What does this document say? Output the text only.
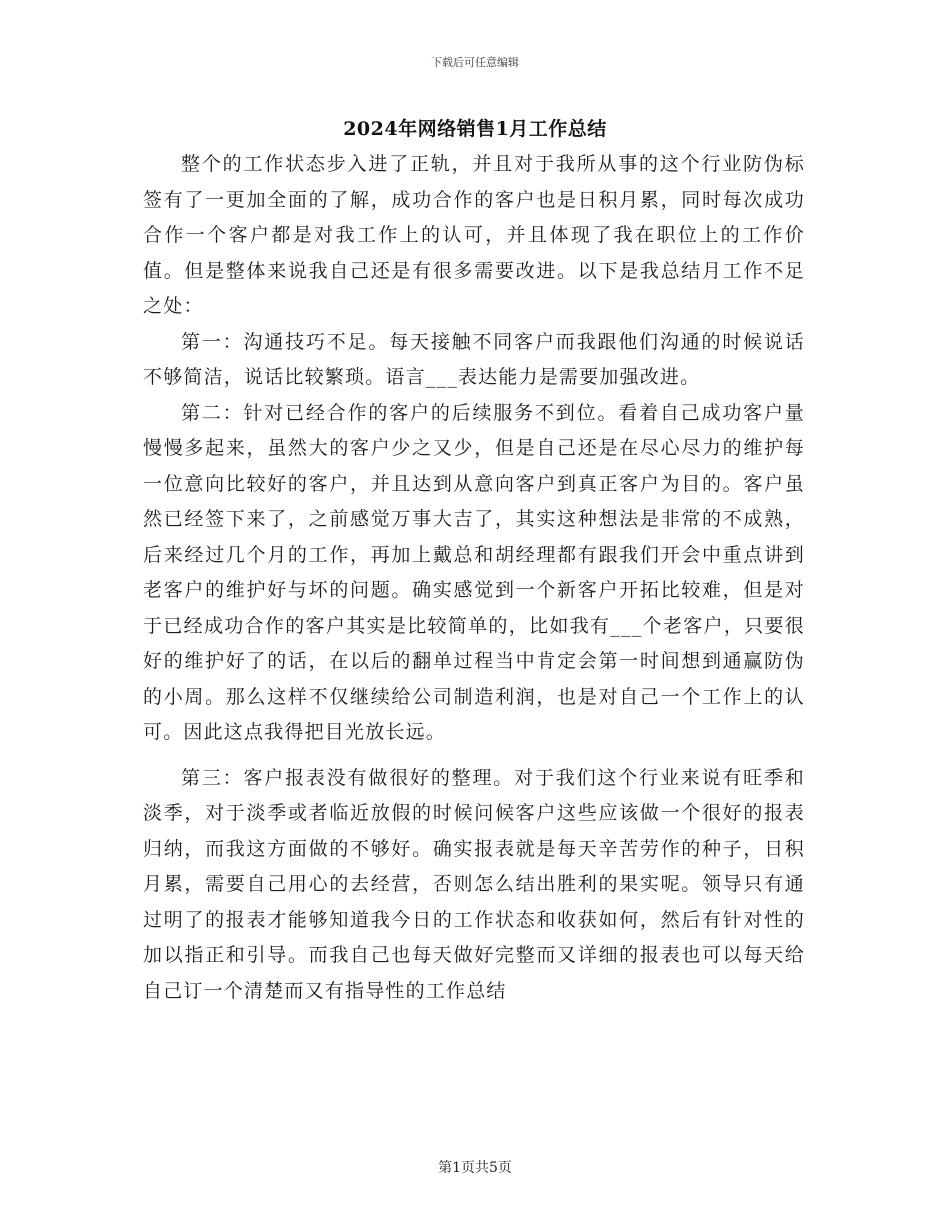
下载后可任意编辑
2024年网络销售1月工作总结

整个的工作状态步入进了正轨，并且对于我所从事的这个行业防伪标签有了一更加全面的了解，成功合作的客户也是日积月累，同时每次成功合作一个客户都是对我工作上的认可，并且体现了我在职位上的工作价值。但是整体来说我自己还是有很多需要改进。以下是我总结月工作不足之处：

第一：沟通技巧不足。每天接触不同客户而我跟他们沟通的时候说话不够简洁，说话比较繁琐。语言___表达能力是需要加强改进。

第二：针对已经合作的客户的后续服务不到位。看着自己成功客户量慢慢多起来，虽然大的客户少之又少，但是自己还是在尽心尽力的维护每一位意向比较好的客户，并且达到从意向客户到真正客户为目的。客户虽然已经签下来了，之前感觉万事大吉了，其实这种想法是非常的不成熟，后来经过几个月的工作，再加上戴总和胡经理都有跟我们开会中重点讲到老客户的维护好与坏的问题。确实感觉到一个新客户开拓比较难，但是对于已经成功合作的客户其实是比较简单的，比如我有___个老客户，只要很好的维护好了的话，在以后的翻单过程当中肯定会第一时间想到通赢防伪的小周。那么这样不仅继续给公司制造利润，也是对自己一个工作上的认可。因此这点我得把目光放长远。

第三：客户报表没有做很好的整理。对于我们这个行业来说有旺季和淡季，对于淡季或者临近放假的时候问候客户这些应该做一个很好的报表归纳，而我这方面做的不够好。确实报表就是每天辛苦劳作的种子，日积月累，需要自己用心的去经营，否则怎么结出胜利的果实呢。领导只有通过明了的报表才能够知道我今日的工作状态和收获如何，然后有针对性的加以指正和引导。而我自己也每天做好完整而又详细的报表也可以每天给自己订一个清楚而又有指导性的工作总结

第1页共5页
